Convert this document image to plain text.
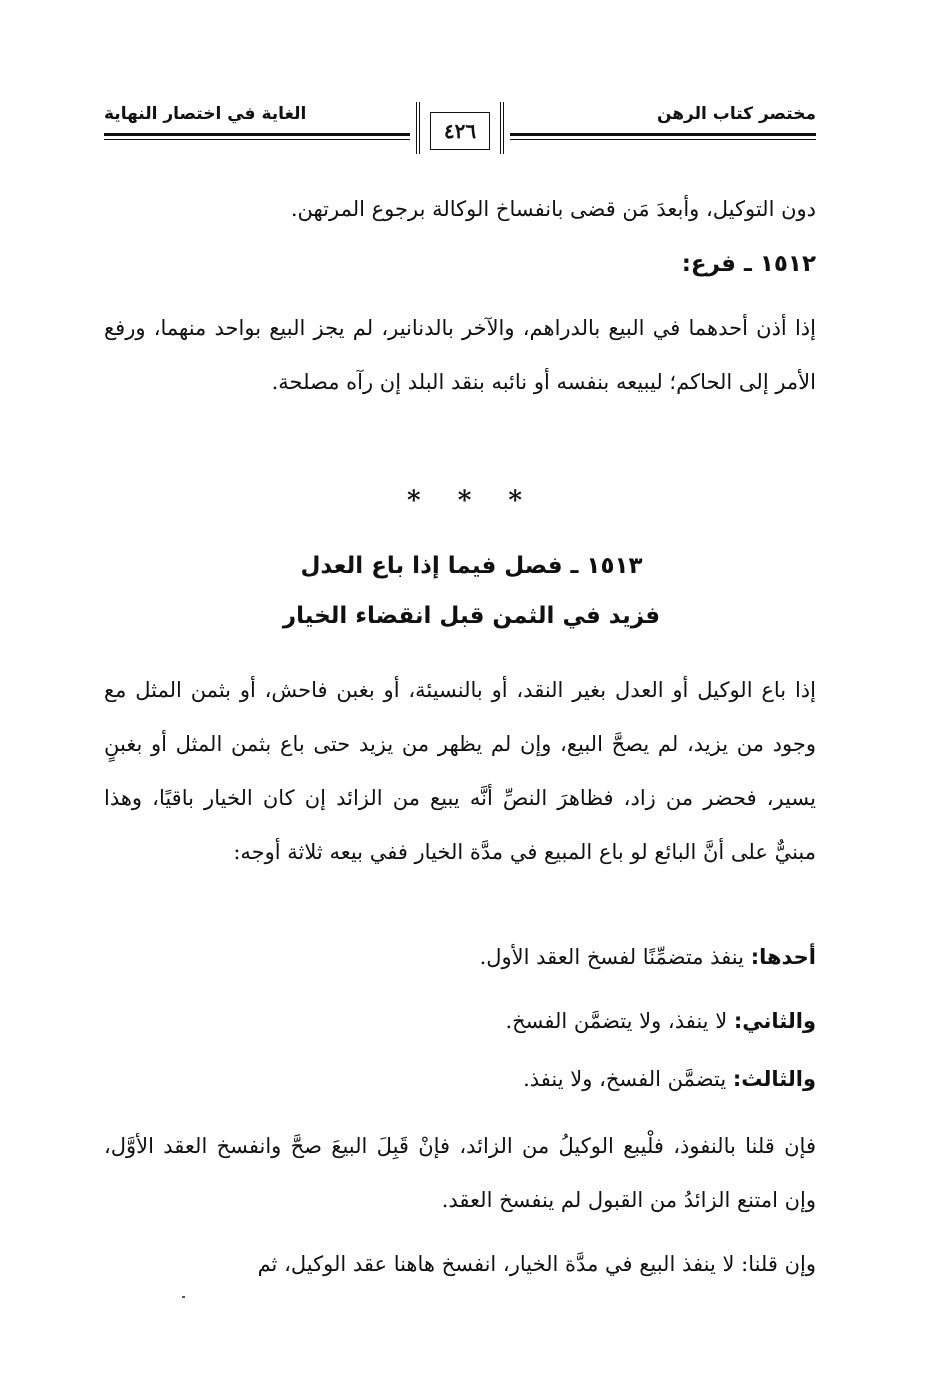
مختصر كتاب الرهن
الغاية في اختصار النهاية
٤٢٦

دون التوكيل، وأبعدَ مَن قضى بانفساخ الوكالة برجوع المرتهن.

١٥١٢ ـ فرع:

إذا أذن أحدهما في البيع بالدراهم، والآخر بالدنانير، لم يجز البيع بواحد منهما، ورفع الأمر إلى الحاكم؛ ليبيعه بنفسه أو نائبه بنقد البلد إن رآه مصلحة.

* * *
١٥١٣ ـ فصل فيما إذا باع العدل
فزيد في الثمن قبل انقضاء الخيار

إذا باع الوكيل أو العدل بغير النقد، أو بالنسيئة، أو بغبن فاحش، أو بثمن المثل مع وجود من يزيد، لم يصحَّ البيع، وإن لم يظهر من يزيد حتى باع بثمن المثل أو بغبنٍ يسير، فحضر من زاد، فظاهرَ النصِّ أنَّه يبيع من الزائد إن كان الخيار باقيًا، وهذا مبنيٌّ على أنَّ البائع لو باع المبيع في مدَّة الخيار ففي بيعه ثلاثة أوجه:

أحدها: ينفذ متضمِّنًا لفسخ العقد الأول.
والثاني: لا ينفذ، ولا يتضمَّن الفسخ.
والثالث: يتضمَّن الفسخ، ولا ينفذ.

فإن قلنا بالنفوذ، فلْيبع الوكيلُ من الزائد، فإنْ قَبِلَ البيعَ صحَّ وانفسخ العقد الأوَّل، وإن امتنع الزائدُ من القبول لم ينفسخ العقد.

وإن قلنا: لا ينفذ البيع في مدَّة الخيار، انفسخ هاهنا عقد الوكيل، ثم
